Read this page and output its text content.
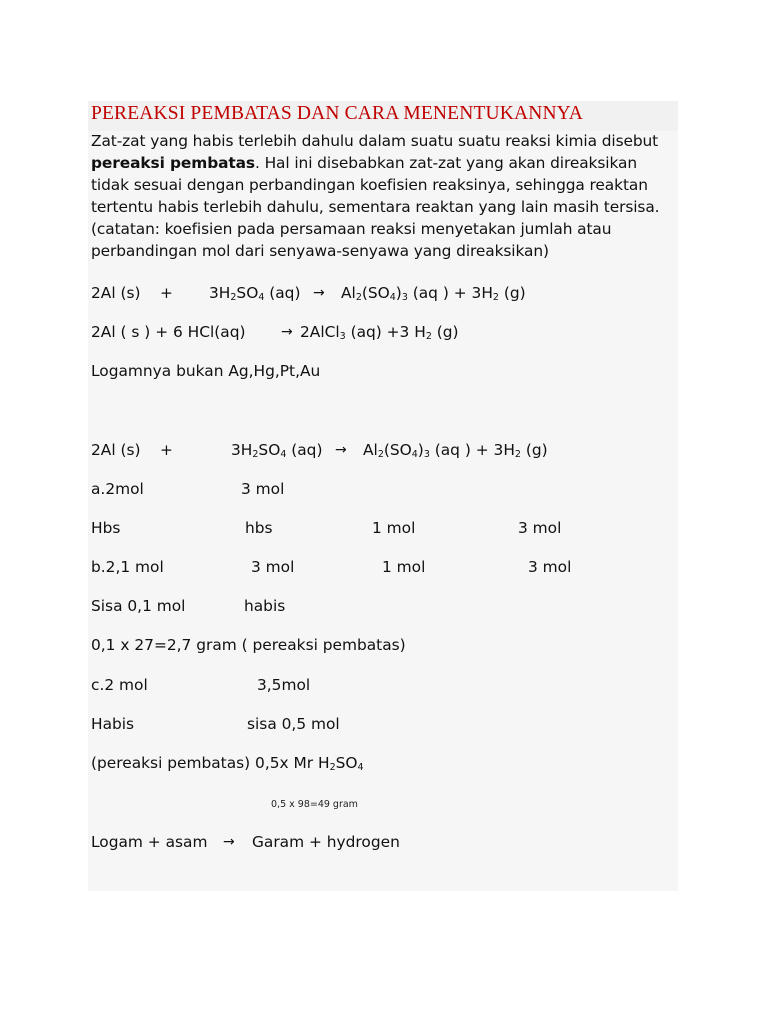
PEREAKSI PEMBATAS DAN CARA MENENTUKANNYA

Zat-zat yang habis terlebih dahulu dalam suatu suatu reaksi kimia disebut pereaksi pembatas. Hal ini disebabkan zat-zat yang akan direaksikan tidak sesuai dengan perbandingan koefisien reaksinya, sehingga reaktan tertentu habis terlebih dahulu, sementara reaktan yang lain masih tersisa. (catatan: koefisien pada persamaan reaksi menyetakan jumlah atau perbandingan mol dari senyawa-senyawa yang direaksikan)

2Al $(s) + 3H_2SO_4$ $(aq) \to Al_2(SO_4)_3$ (aq ) + $3H_2$ (g)
2Al ( s ) + 6 HCl(aq)	→ 2AlCl$_3$ (aq) +3 $H_2$ (g)
Logamnya bukan Ag,Hg,Pt,Au
2Al (s) +	$3H_2SO_4$ $(aq) \to Al_2(SO_4)_3$ (aq ) + $3H_2$ (g)
a.2mol	3 mol
Hbs	hbs	1 mol	3 mol
b.2,1 mol	3 mol	1 mol	3 mol
Sisa 0,1 mol	habis
0,1 x 27=2,7 gram ( pereaksi pembatas)
c.2 mol	3,5mol
Habis	sisa 0,5 mol
(pereaksi pembatas) 0,5x Mr $H_2SO_4$
0,5 x 98=49 gram
Logam + asam → Garam + hydrogen
